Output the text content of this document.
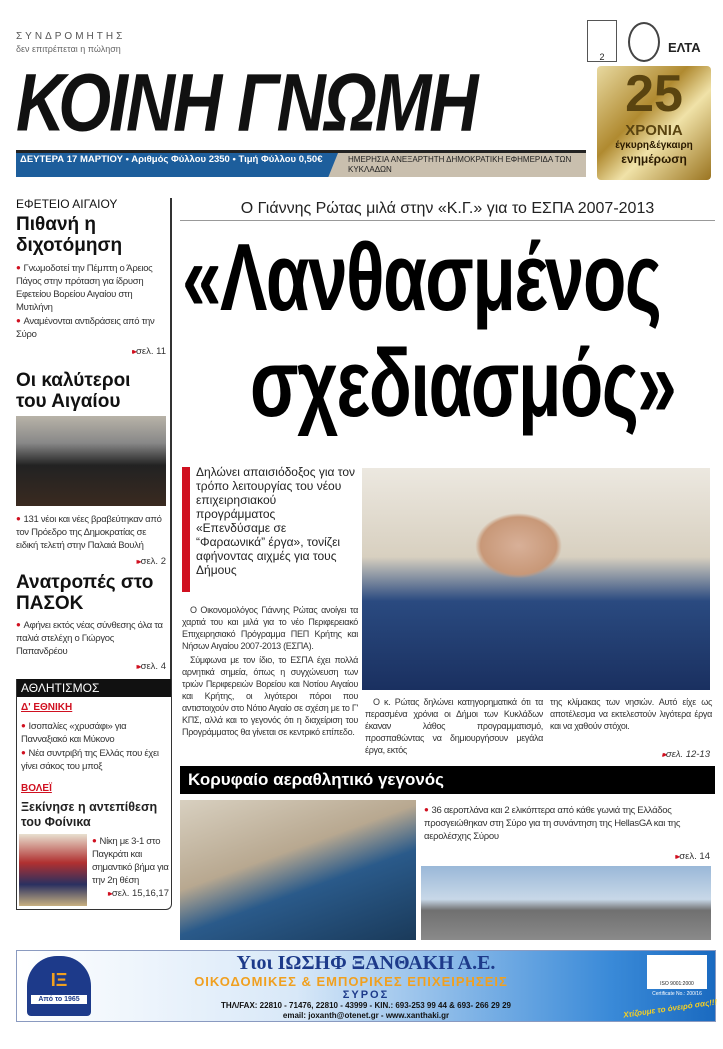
ΣΥΝΔΡΟΜΗΤΗΣ
δεν επιτρέπεται η πώληση
ΚΟΙΝΗ ΓΝΩΜΗ
ΔΕΥΤΕΡΑ 17 ΜΑΡΤΙΟΥ • Αριθμός Φύλλου 2350 • Τιμή Φύλλου 0,50€	ΗΜΕΡΗΣΙΑ ΑΝΕΞΑΡΤΗΤΗ ΔΗΜΟΚΡΑΤΙΚΗ ΕΦΗΜΕΡΙΔΑ ΤΩΝ ΚΥΚΛΑΔΩΝ
2
ΕΛΤΑ
25
ΧΡΟΝΙΑ
έγκυρη&έγκαιρη
ενημέρωση
ΕΦΕΤΕΙΟ ΑΙΓΑΙΟΥ
Πιθανή η διχοτόμηση
● Γνωμοδοτεί την Πέμπτη ο Άρειος Πάγος στην πρόταση για ίδρυση Εφετείου Βορείου Αιγαίου στη Μυτιλήνη
● Αναμένονται αντιδράσεις από την Σύρο
▸▸ σελ. 11
Οι καλύτεροι του Αιγαίου
● 131 νέοι και νέες βραβεύτηκαν από τον Πρόεδρο της Δημοκρατίας σε ειδική τελετή στην Παλαιά Βουλή
▸▸ σελ. 2
Ανατροπές στο ΠΑΣΟΚ
● Αφήνει εκτός νέας σύνθεσης όλα τα παλιά στελέχη ο Γιώργος Παπανδρέου
▸▸ σελ. 4
ΑΘΛΗΤΙΣΜΟΣ
Δ' ΕΘΝΙΚΗ
● Ισοπαλίες «χρυσάφι» για Πανναξιακό και Μύκονο
● Νέα συντριβή της Ελλάς που έχει γίνει σάκος του μποξ
ΒΟΛΕΪ
Ξεκίνησε η αντεπίθεση του Φοίνικα
● Νίκη με 3-1 στο Παγκράτι και σημαντικό βήμα για την 2η θέση
▸▸ σελ. 15,16,17
Ο Γιάννης Ρώτας μιλά στην «Κ.Γ.» για το ΕΣΠΑ 2007-2013
«Λανθασμένος
σχεδιασμός»
Δηλώνει απαισιόδοξος για τον τρόπο λειτουργίας του νέου επιχειρησιακού προγράμματος
«Επενδύσαμε σε “Φαραωνικά” έργα», τονίζει αφήνοντας αιχμές για τους Δήμους

Ο Οικονομολόγος Γιάννης Ρώτας ανοίγει τα χαρτιά του και μιλά για το νέο Περιφερειακό Επιχειρησιακό Πρόγραμμα ΠΕΠ Κρήτης και Νήσων Αιγαίου 2007-2013 (ΕΣΠΑ).

Σύμφωνα με τον ίδιο, το ΕΣΠΑ έχει πολλά αρνητικά σημεία, όπως η συγχώνευση των τριών Περιφερειών Βορείου και Νοτίου Αιγαίου και Κρήτης, οι λιγότεροι πόροι που αντιστοιχούν στο Νότιο Αιγαίο σε σχέση με το Γ' ΚΠΣ, αλλά και το γεγονός ότι η διαχείριση του Προγράμματος θα γίνεται σε κεντρικό επίπεδο.

Ο κ. Ρώτας δηλώνει κατηγορηματικά ότι τα περασμένα χρόνια οι Δήμοι των Κυκλάδων έκαναν λάθος προγραμματισμό, προσπαθώντας να δημιουργήσουν μεγάλα έργα, εκτός
της κλίμακας των νησιών. Αυτό είχε ως αποτέλεσμα να εκτελεστούν λιγότερα έργα και να χαθούν στόχοι.
▸▸ σελ. 12-13
Κορυφαίο αεραθλητικό γεγονός
● 36 αεροπλάνα και 2 ελικόπτερα από κάθε γωνιά της Ελλάδος προσγειώθηκαν στη Σύρο για τη συνάντηση της HellasGA και της αερολέσχης Σύρου
▸▸ σελ. 14
ΙΞ
Από το 1965
Υιοι ΙΩΣΗΦ ΞΑΝΘΑΚΗ Α.Ε.
ΟΙΚΟΔΟΜΙΚΕΣ & ΕΜΠΟΡΙΚΕΣ ΕΠΙΧΕΙΡΗΣΕΙΣ
ΣΥΡΟΣ
ΤΗΛ/FAX: 22810 - 71476, 22810 - 43999 - ΚΙΝ.: 693-253 99 44 & 693- 266 29 29
email: joxanth@otenet.gr - www.xanthaki.gr
ISO 9001:2000
Certificate No.: 200/16
Χτίζουμε το όνειρό σας!!!
